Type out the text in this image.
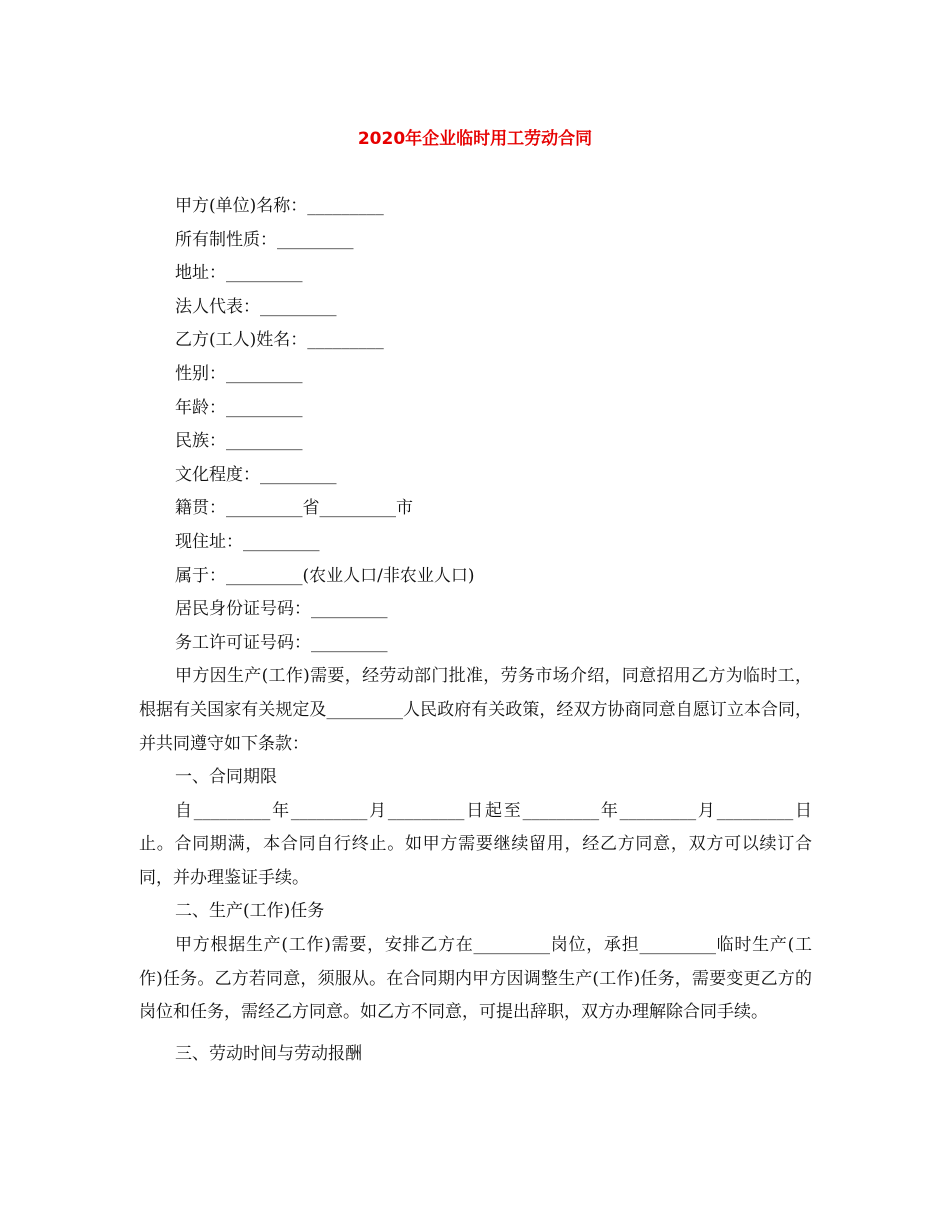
2020年企业临时用工劳动合同

甲方(单位)名称：_________

所有制性质：_________

地址：_________

法人代表：_________

乙方(工人)姓名：_________

性别：_________

年龄：_________

民族：_________

文化程度：_________

籍贯：_________省_________市

现住址：_________

属于：_________(农业人口/非农业人口)

居民身份证号码：_________

务工许可证号码：_________

甲方因生产(工作)需要，经劳动部门批准，劳务市场介绍，同意招用乙方为临时工，根据有关国家有关规定及_________人民政府有关政策，经双方协商同意自愿订立本合同，并共同遵守如下条款：

一、合同期限

自_________年_________月_________日起至_________年_________月_________日止。合同期满，本合同自行终止。如甲方需要继续留用，经乙方同意，双方可以续订合同，并办理鉴证手续。

二、生产(工作)任务

甲方根据生产(工作)需要，安排乙方在_________岗位，承担_________临时生产(工作)任务。乙方若同意，须服从。在合同期内甲方因调整生产(工作)任务，需要变更乙方的岗位和任务，需经乙方同意。如乙方不同意，可提出辞职，双方办理解除合同手续。

三、劳动时间与劳动报酬
